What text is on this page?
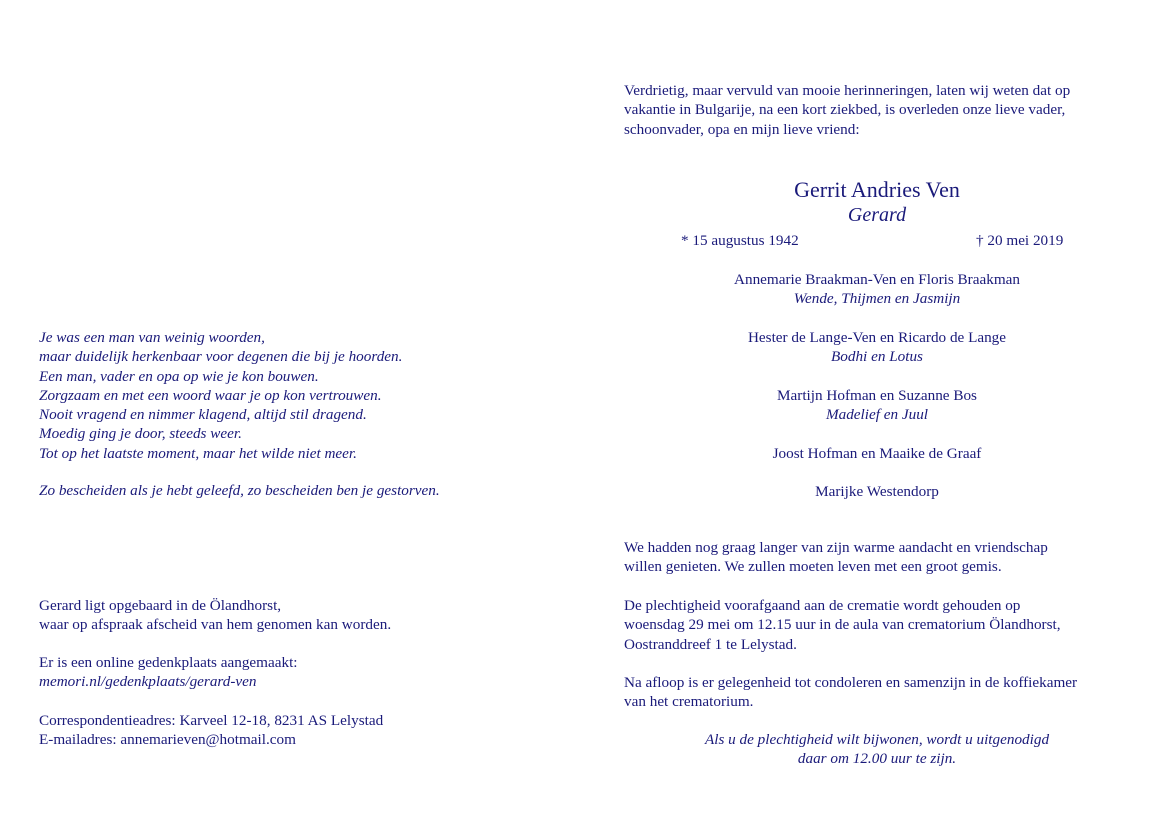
Je was een man van weinig woorden,
maar duidelijk herkenbaar voor degenen die bij je hoorden.
Een man, vader en opa op wie je kon bouwen.
Zorgzaam en met een woord waar je op kon vertrouwen.
Nooit vragend en nimmer klagend, altijd stil dragend.
Moedig ging je door, steeds weer.
Tot op het laatste moment, maar het wilde niet meer.
Zo bescheiden als je hebt geleefd, zo bescheiden ben je gestorven.
Gerard ligt opgebaard in de Ölandhorst,
waar op afspraak afscheid van hem genomen kan worden.
Er is een online gedenkplaats aangemaakt:
memori.nl/gedenkplaats/gerard-ven
Correspondentieadres: Karveel 12-18, 8231 AS Lelystad
E-mailadres: annemarieven@hotmail.com
Verdrietig, maar vervuld van mooie herinneringen, laten wij weten dat op
vakantie in Bulgarije, na een kort ziekbed, is overleden onze lieve vader,
schoonvader, opa en mijn lieve vriend:
Gerrit Andries Ven
Gerard
* 15 augustus 1942	† 20 mei 2019
Annemarie Braakman-Ven en Floris Braakman
Wende, Thijmen en Jasmijn
Hester de Lange-Ven en Ricardo de Lange
Bodhi en Lotus
Martijn Hofman en Suzanne Bos
Madelief en Juul
Joost Hofman en Maaike de Graaf
Marijke Westendorp
We hadden nog graag langer van zijn warme aandacht en vriendschap
willen genieten. We zullen moeten leven met een groot gemis.
De plechtigheid voorafgaand aan de crematie wordt gehouden op
woensdag 29 mei om 12.15 uur in de aula van crematorium Ölandhorst,
Oostranddreef 1 te Lelystad.
Na afloop is er gelegenheid tot condoleren en samenzijn in de koffiekamer
van het crematorium.
Als u de plechtigheid wilt bijwonen, wordt u uitgenodigd
daar om 12.00 uur te zijn.
